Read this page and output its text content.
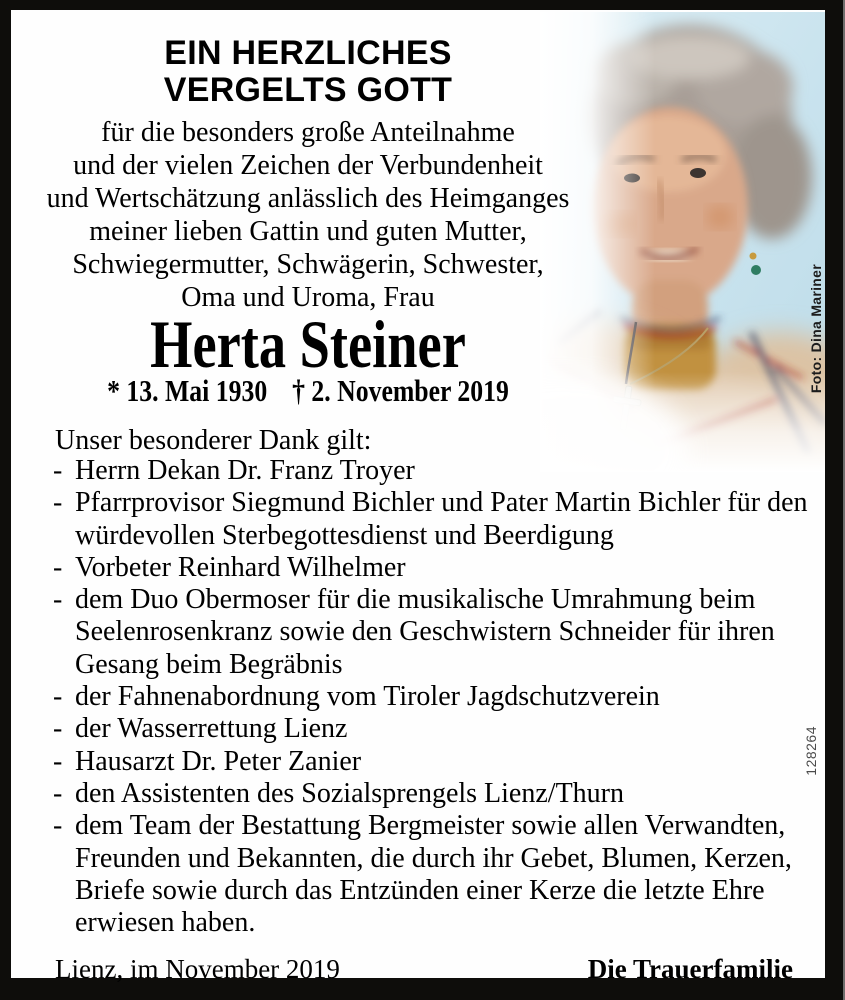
Foto: Dina Mariner
128264
EIN HERZLICHES
VERGELTS GOTT
für die besonders große Anteilnahme
und der vielen Zeichen der Verbundenheit
und Wertschätzung anlässlich des Heimganges
meiner lieben Gattin und guten Mutter,
Schwiegermutter, Schwägerin, Schwester,
Oma und Uroma, Frau
Herta Steiner
* 13. Mai 1930 † 2. November 2019
Unser besonderer Dank gilt:
- Herrn Dekan Dr. Franz Troyer
- Pfarrprovisor Siegmund Bichler und Pater Martin Bichler für den würdevollen Sterbegottesdienst und Beerdigung
- Vorbeter Reinhard Wilhelmer
- dem Duo Obermoser für die musikalische Umrahmung beim Seelenrosenkranz sowie den Geschwistern Schneider für ihren Gesang beim Begräbnis
- der Fahnenabordnung vom Tiroler Jagdschutzverein
- der Wasserrettung Lienz
- Hausarzt Dr. Peter Zanier
- den Assistenten des Sozialsprengels Lienz/Thurn
- dem Team der Bestattung Bergmeister sowie allen Verwandten, Freunden und Bekannten, die durch ihr Gebet, Blumen, Kerzen, Briefe sowie durch das Entzünden einer Kerze die letzte Ehre erwiesen haben.
Lienz, im November 2019	Die Trauerfamilie
